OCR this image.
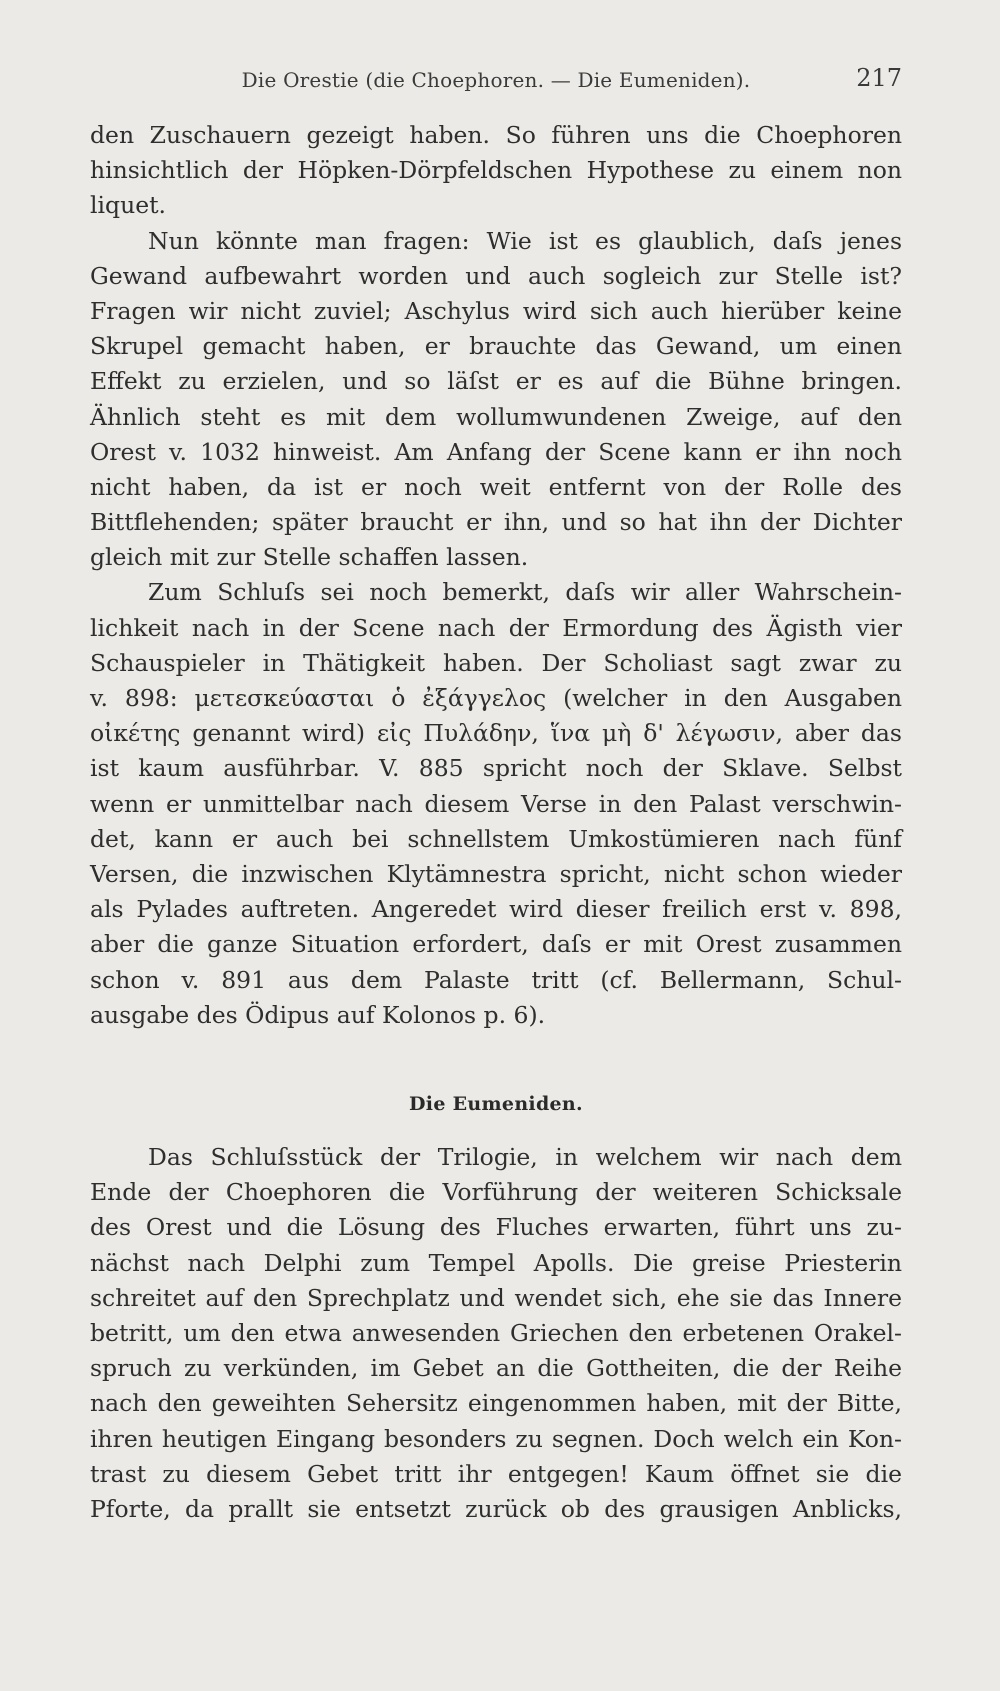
Die Orestie (die Choephoren. — Die Eumeniden).	217
den Zuschauern gezeigt haben. So führen uns die Choephoren
hinsichtlich der Höpken-Dörpfeldschen Hypothese zu einem non
liquet.
Nun könnte man fragen: Wie ist es glaublich, daſs jenes
Gewand aufbewahrt worden und auch sogleich zur Stelle ist?
Fragen wir nicht zuviel; Aschylus wird sich auch hierüber keine
Skrupel gemacht haben, er brauchte das Gewand, um einen
Effekt zu erzielen, und so läſst er es auf die Bühne bringen.
Ähnlich steht es mit dem wollumwundenen Zweige, auf den
Orest v. 1032 hinweist. Am Anfang der Scene kann er ihn noch
nicht haben, da ist er noch weit entfernt von der Rolle des
Bittflehenden; später braucht er ihn, und so hat ihn der Dichter
gleich mit zur Stelle schaffen lassen.
Zum Schluſs sei noch bemerkt, daſs wir aller Wahrschein-
lichkeit nach in der Scene nach der Ermordung des Ägisth vier
Schauspieler in Thätigkeit haben. Der Scholiast sagt zwar zu
v. 898: μετεσκεύασται ὁ ἐξάγγελος (welcher in den Ausgaben
οἰκέτης genannt wird) εἰς Πυλάδην, ἵνα μὴ δ' λέγωσιν, aber das
ist kaum ausführbar. V. 885 spricht noch der Sklave. Selbst
wenn er unmittelbar nach diesem Verse in den Palast verschwin-
det, kann er auch bei schnellstem Umkostümieren nach fünf
Versen, die inzwischen Klytämnestra spricht, nicht schon wieder
als Pylades auftreten. Angeredet wird dieser freilich erst v. 898,
aber die ganze Situation erfordert, daſs er mit Orest zusammen
schon v. 891 aus dem Palaste tritt (cf. Bellermann, Schul-
ausgabe des Ödipus auf Kolonos p. 6).
Die Eumeniden.
Das Schluſsstück der Trilogie, in welchem wir nach dem
Ende der Choephoren die Vorführung der weiteren Schicksale
des Orest und die Lösung des Fluches erwarten, führt uns zu-
nächst nach Delphi zum Tempel Apolls. Die greise Priesterin
schreitet auf den Sprechplatz und wendet sich, ehe sie das Innere
betritt, um den etwa anwesenden Griechen den erbetenen Orakel-
spruch zu verkünden, im Gebet an die Gottheiten, die der Reihe
nach den geweihten Sehersitz eingenommen haben, mit der Bitte,
ihren heutigen Eingang besonders zu segnen. Doch welch ein Kon-
trast zu diesem Gebet tritt ihr entgegen! Kaum öffnet sie die
Pforte, da prallt sie entsetzt zurück ob des grausigen Anblicks,
